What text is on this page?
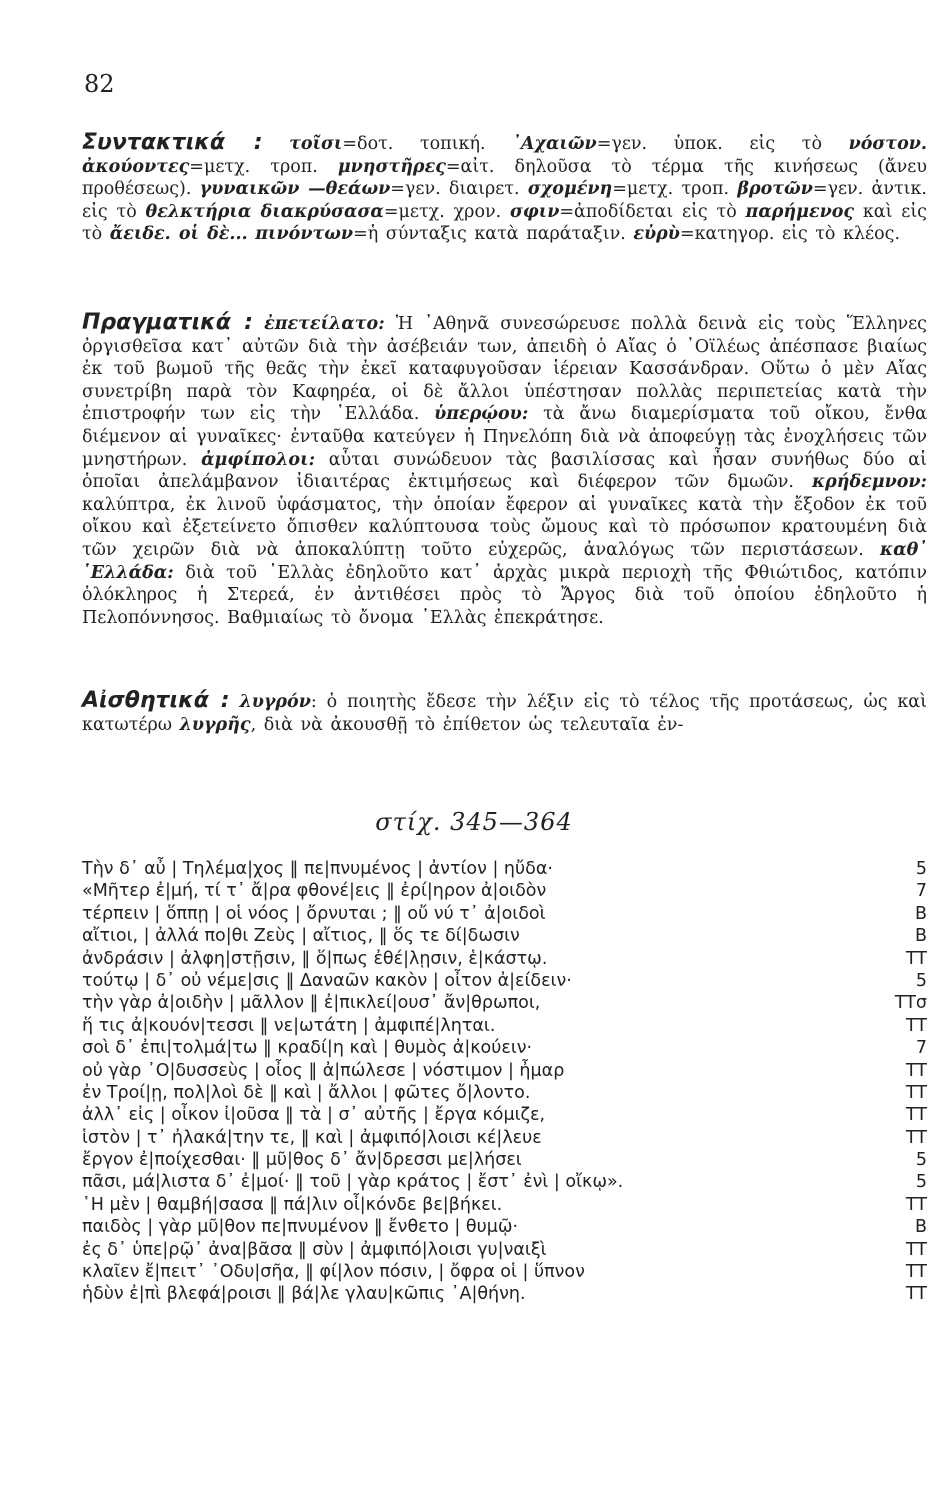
82
Συντακτικά : τοῖσι=δοτ. τοπική. ᾿Αχαιῶν=γεν. ὑποκ. εἰς τὸ νόστον. ἀκούοντες=μετχ. τροπ. μνηστῆρες=αἰτ. δηλοῦσα τὸ τέρμα τῆς κινήσεως (ἄνευ προθέσεως). γυναικῶν —θεάων=γεν. διαιρετ. σχομένη=μετχ. τροπ. βροτῶν=γεν. ἀντικ. εἰς τὸ θελκτήρια διακρύσασα=μετχ. χρον. σφιν=ἀποδίδεται εἰς τὸ παρήμενος καὶ εἰς τὸ ἄειδε. οἱ δὲ... πινόντων=ἡ σύνταξις κατὰ παράταξιν. εὐρὺ=κατηγορ. εἰς τὸ κλέος.
Πραγματικά : ἐπετείλατο: Ἡ ᾿Αθηνᾶ συνεσώρευσε πολλὰ δεινὰ εἰς τοὺς Ἕλληνες ὀργισθεῖσα κατ᾿ αὐτῶν διὰ τὴν ἀσέβειάν των, ἀπειδὴ ὁ Αἴας ὁ ᾿Οϊλέως ἀπέσπασε βιαίως ἐκ τοῦ βωμοῦ τῆς θεᾶς τὴν ἐκεῖ καταφυγοῦσαν ἱέρειαν Κασσάνδραν. Οὕτω ὁ μὲν Αἴας συνετρίβη παρὰ τὸν Καφηρέα, οἱ δὲ ἄλλοι ὑπέστησαν πολλὰς περιπετείας κατὰ τὴν ἐπιστροφήν των εἰς τὴν ῾Ελλάδα. ὑπερῴου: τὰ ἄνω διαμερίσματα τοῦ οἴκου, ἔνθα διέμενον αἱ γυναῖκες· ἐνταῦθα κατεύγεν ἡ Πηνελόπη διὰ νὰ ἀποφεύγῃ τὰς ἐνοχλήσεις τῶν μνηστήρων. ἀμφίπολοι: αὗται συνώδευον τὰς βασιλίσσας καὶ ἦσαν συνήθως δύο αἱ ὁποῖαι ἀπελάμβανον ἰδιαιτέρας ἐκτιμήσεως καὶ διέφερον τῶν δμωῶν. κρήδεμνον: καλύπτρα, ἐκ λινοῦ ὑφάσματος, τὴν ὁποίαν ἔφερον αἱ γυναῖκες κατὰ τὴν ἔξοδον ἐκ τοῦ οἴκου καὶ ἐξετείνετο ὄπισθεν καλύπτουσα τοὺς ὤμους καὶ τὸ πρόσωπον κρατουμένη διὰ τῶν χειρῶν διὰ νὰ ἀποκαλύπτῃ τοῦτο εὐχερῶς, ἀναλόγως τῶν περιστάσεων. καθ᾿ ῾Ελλάδα: διὰ τοῦ ῾Ελλὰς ἐδηλοῦτο κατ᾿ ἀρχὰς μικρὰ περιοχὴ τῆς Φθιώτιδος, κατόπιν ὁλόκληρος ἡ Στερεά, ἐν ἀντιθέσει πρὸς τὸ Ἄργος διὰ τοῦ ὁποίου ἐδηλοῦτο ἡ Πελοπόννησος. Βαθμιαίως τὸ ὄνομα ῾Ελλὰς ἐπεκράτησε.
Αἰσθητικά : λυγρόν: ὁ ποιητὴς ἔδεσε τὴν λέξιν εἰς τὸ τέλος τῆς προτάσεως, ὡς καὶ κατωτέρω λυγρῆς, διὰ νὰ ἀκουσθῇ τὸ ἐπίθετον ὡς τελευταῖα ἐν-
στίχ. 345—364
Τὴν δ᾿ αὖ | Τηλέμα|χος ‖ πε|πνυμένος | ἀντίον | ηὔδα·	5
«Μῆτερ ἐ|μή, τί τ᾿ ἄ|ρα φθονέ|εις ‖ ἐρί|ηρον ἀ|οιδὸν	7
τέρπειν | ὅππῃ | οἱ νόος | ὄρνυται ; ‖ οὔ νύ τ᾿ ἀ|οιδοὶ	B
αἴτιοι, | ἀλλά πο|θι Ζεὺς | αἴτιος, ‖ ὅς τε δί|δωσιν	B
ἀνδράσιν | ἀλφη|στῇσιν, ‖ ὅ|πως ἐθέ|λῃσιν, ἑ|κάστῳ.	TT
τούτῳ | δ᾿ οὐ νέμε|σις ‖ Δαναῶν κακὸν | οἶτον ἀ|είδειν·	5
τὴν γὰρ ἀ|οιδὴν | μᾶλλον ‖ ἐ|πικλεί|ουσ᾿ ἄν|θρωποι,	TTσ
ἥ τις ἀ|κουόν|τεσσι ‖ νε|ωτάτη | ἀμφιπέ|ληται.	TT
σοὶ δ᾿ ἐπι|τολμά|τω ‖ κραδί|η καὶ | θυμὸς ἀ|κούειν·	7
οὐ γὰρ ᾿Ο|δυσσεὺς | οἶος ‖ ἀ|πώλεσε | νόστιμον | ἦμαρ	TT
ἐν Τροί|ῃ, πολ|λοὶ δὲ ‖ καὶ | ἄλλοι | φῶτες ὄ|λοντο.	TT
ἀλλ᾿ εἰς | οἶκον ἰ|οῦσα ‖ τὰ | σ᾿ αὐτῆς | ἔργα κόμιζε,	TT
ἱστὸν | τ᾿ ἠλακά|την τε, ‖ καὶ | ἀμφιπό|λοισι κέ|λευε	TT
ἔργον ἐ|ποίχεσθαι· ‖ μῦ|θος δ᾿ ἄν|δρεσσι με|λήσει	5
πᾶσι, μά|λιστα δ᾿ ἐ|μοί· ‖ τοῦ | γὰρ κράτος | ἔστ᾿ ἐνὶ | οἴκῳ».	5
῾Η μὲν | θαμβή|σασα ‖ πά|λιν οἶ|κόνδε βε|βήκει.	TT
παιδὸς | γὰρ μῦ|θον πε|πνυμένον ‖ ἔνθετο | θυμῷ·	B
ἐς δ᾿ ὑπε|ρῷ᾿ ἀνα|βᾶσα ‖ σὺν | ἀμφιπό|λοισι γυ|ναιξὶ	TT
κλαῖεν ἔ|πειτ᾿ ᾿Οδυ|σῆα, ‖ φί|λον πόσιν, | ὄφρα οἱ | ὕπνον	TT
ἡδὺν ἐ|πὶ βλεφά|ροισι ‖ βά|λε γλαυ|κῶπις ᾿Α|θήνη.	TT
